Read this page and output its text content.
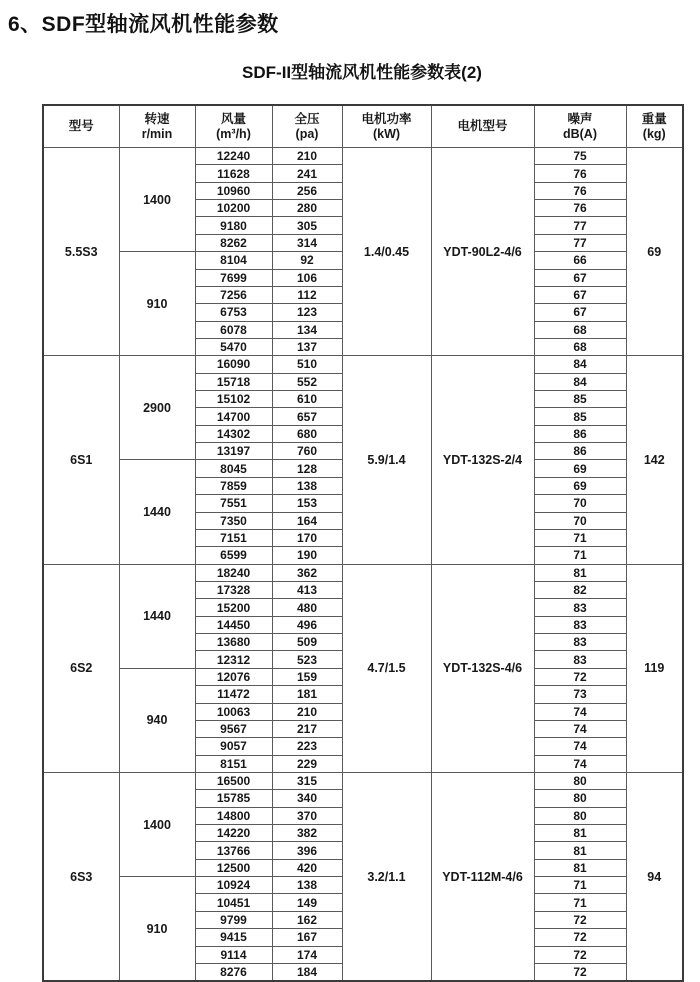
6、SDF型轴流风机性能参数
SDF-II型轴流风机性能参数表(2)
型号

转速
r/min

风量
(m³/h)

全压
(pa)

电机功率
(kW)

电机型号

噪声
dB(A)

重量
(kg)

5.5S3	1400	12240	210	1.4/0.45	YDT-90L2-4/6	75	69
		11628	241			76	
		10960	256			76	
		10200	280			76	
		9180	305			77	
		8262	314			77	
	910	8104	92			66	
		7699	106			67	
		7256	112			67	
		6753	123			67	
		6078	134			68	
		5470	137			68	
6S1	2900	16090	510	5.9/1.4	YDT-132S-2/4	84	142
		15718	552			84	
		15102	610			85	
		14700	657			85	
		14302	680			86	
		13197	760			86	
	1440	8045	128			69	
		7859	138			69	
		7551	153			70	
		7350	164			70	
		7151	170			71	
		6599	190			71	
6S2	1440	18240	362	4.7/1.5	YDT-132S-4/6	81	119
		17328	413			82	
		15200	480			83	
		14450	496			83	
		13680	509			83	
		12312	523			83	
	940	12076	159			72	
		11472	181			73	
		10063	210			74	
		9567	217			74	
		9057	223			74	
		8151	229			74	
6S3	1400	16500	315	3.2/1.1	YDT-112M-4/6	80	94
		15785	340			80	
		14800	370			80	
		14220	382			81	
		13766	396			81	
		12500	420			81	
	910	10924	138			71	
		10451	149			71	
		9799	162			72	
		9415	167			72	
		9114	174			72	
		8276	184			72	
